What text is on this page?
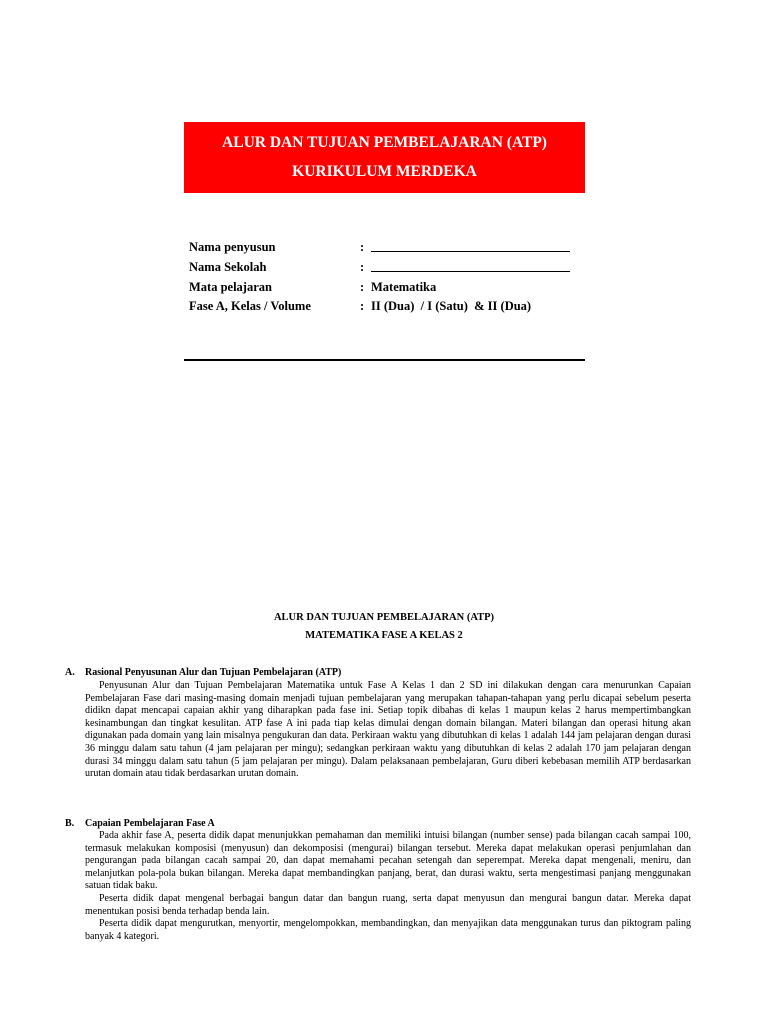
ALUR DAN TUJUAN PEMBELAJARAN (ATP)
KURIKULUM MERDEKA
Nama penyusun	:
Nama Sekolah	:
Mata pelajaran	: Matematika
Fase A, Kelas / Volume	: II (Dua)  / I (Satu)  & II (Dua)
ALUR DAN TUJUAN PEMBELAJARAN (ATP)
MATEMATIKA FASE A KELAS 2
A. Rasional Penyusunan Alur dan Tujuan Pembelajaran (ATP)

Penyusunan Alur dan Tujuan Pembelajaran Matematika untuk Fase A Kelas 1 dan 2 SD ini dilakukan dengan cara menurunkan Capaian Pembelajaran Fase dari masing-masing domain menjadi tujuan pembelajaran yang merupakan tahapan-tahapan yang perlu dicapai sebelum peserta didikn dapat mencapai capaian akhir yang diharapkan pada fase ini. Setiap topik dibahas di kelas 1 maupun kelas 2 harus mempertimbangkan kesinambungan dan tingkat kesulitan. ATP fase A ini pada tiap kelas dimulai dengan domain bilangan. Materi bilangan dan operasi hitung akan digunakan pada domain yang lain misalnya pengukuran dan data. Perkiraan waktu yang dibutuhkan di kelas 1 adalah 144 jam pelajaran dengan durasi 36 minggu dalam satu tahun (4 jam pelajaran per mingu); sedangkan perkiraan waktu yang dibutuhkan di kelas 2 adalah 170 jam pelajaran dengan durasi 34 minggu dalam satu tahun (5 jam pelajaran per mingu). Dalam pelaksanaan pembelajaran, Guru diberi kebebasan memilih ATP berdasarkan urutan domain atau tidak berdasarkan urutan domain.

B. Capaian Pembelajaran Fase A

Pada akhir fase A, peserta didik dapat menunjukkan pemahaman dan memiliki intuisi bilangan (number sense) pada bilangan cacah sampai 100, termasuk melakukan komposisi (menyusun) dan dekomposisi (mengurai) bilangan tersebut. Mereka dapat melakukan operasi penjumlahan dan pengurangan pada bilangan cacah sampai 20, dan dapat memahami pecahan setengah dan seperempat. Mereka dapat mengenali, meniru, dan melanjutkan pola-pola bukan bilangan. Mereka dapat membandingkan panjang, berat, dan durasi waktu, serta mengestimasi panjang menggunakan satuan tidak baku.

Peserta didik dapat mengenal berbagai bangun datar dan bangun ruang, serta dapat menyusun dan mengurai bangun datar. Mereka dapat menentukan posisi benda terhadap benda lain.

Peserta didik dapat mengurutkan, menyortir, mengelompokkan, membandingkan, dan menyajikan data menggunakan turus dan piktogram paling banyak 4 kategori.
